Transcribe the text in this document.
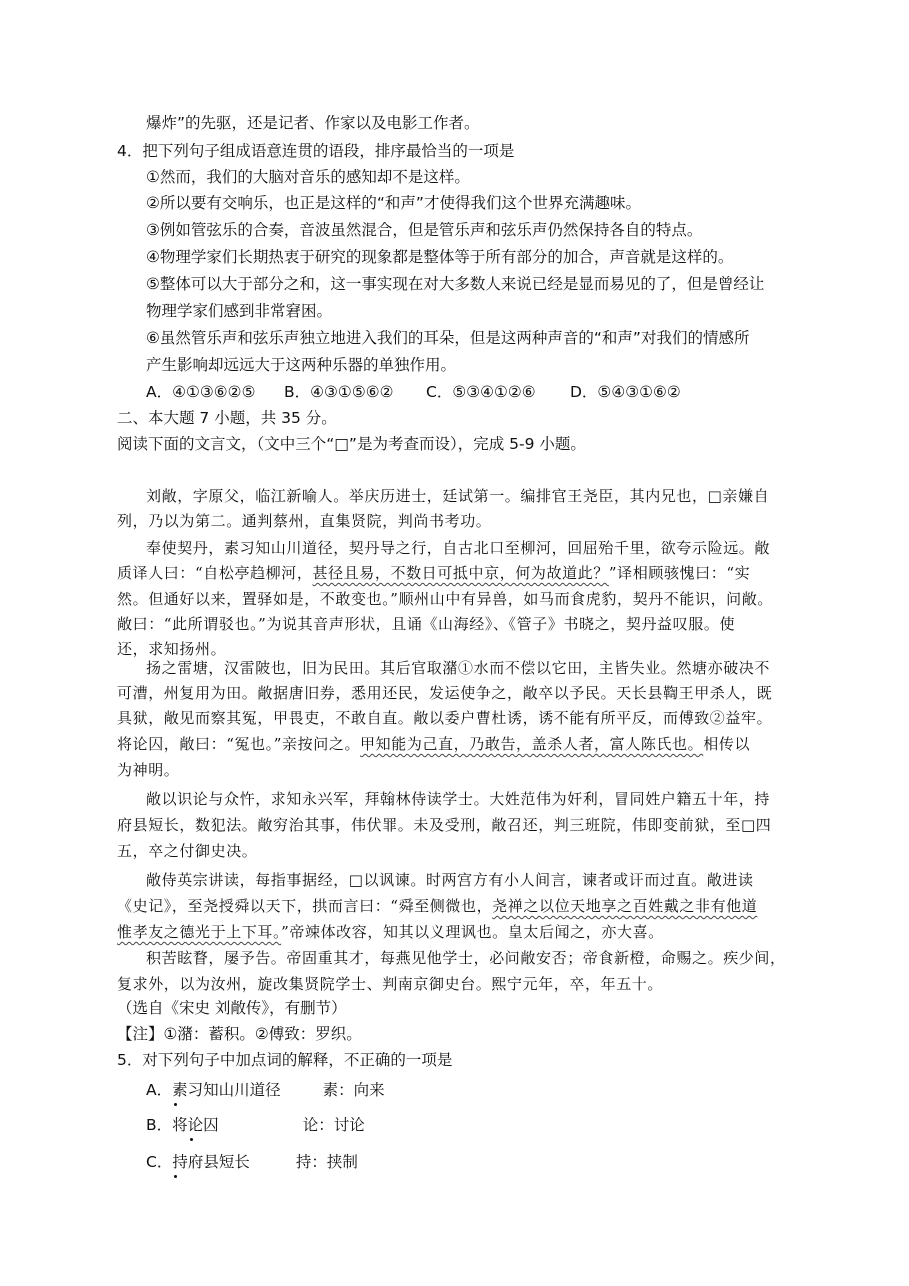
爆炸”的先驱，还是记者、作家以及电影工作者。
4．把下列句子组成语意连贯的语段，排序最恰当的一项是
①然而，我们的大脑对音乐的感知却不是这样。
②所以要有交响乐，也正是这样的“和声”才使得我们这个世界充满趣味。
③例如管弦乐的合奏，音波虽然混合，但是管乐声和弦乐声仍然保持各自的特点。
④物理学家们长期热衷于研究的现象都是整体等于所有部分的加合，声音就是这样的。
⑤整体可以大于部分之和，这一事实现在对大多数人来说已经是显而易见的了，但是曾经让
物理学家们感到非常窘困。
⑥虽然管乐声和弦乐声独立地进入我们的耳朵，但是这两种声音的“和声”对我们的情感所
产生影响却远远大于这两种乐器的单独作用。
A．④①③⑥②⑤ B．④③①⑤⑥② C．⑤③④①②⑥ D．⑤④③①⑥②
二、本大题 7 小题，共 35 分。
阅读下面的文言文，（文中三个“□”是为考查而设），完成 5-9 小题。
刘敞，字原父，临江新喻人。举庆历进士，廷试第一。编排官王尧臣，其内兄也，□亲嫌自
列，乃以为第二。通判蔡州，直集贤院，判尚书考功。
奉使契丹，素习知山川道径，契丹导之行，自古北口至柳河，回屈殆千里，欲夸示险远。敞
质译人曰：“自松亭趋柳河，甚径且易，不数日可抵中京，何为故道此？”译相顾骇愧曰：“实
然。但通好以来，置驿如是，不敢变也。”顺州山中有异兽，如马而食虎豹，契丹不能识，问敞。
敞曰：“此所谓驳也。”为说其音声形状，且诵《山海经》、《管子》书晓之，契丹益叹服。使
还，求知扬州。
扬之雷塘，汉雷陂也，旧为民田。其后官取潴①水而不偿以它田，主皆失业。然塘亦破决不
可漕，州复用为田。敞据唐旧券，悉用还民，发运使争之，敞卒以予民。天长县鞫王甲杀人，既
具狱，敞见而察其冤，甲畏吏，不敢自直。敞以委户曹杜诱，诱不能有所平反，而傅致②益牢。
将论囚，敞曰：“冤也。”亲按问之。甲知能为己直，乃敢告，盖杀人者，富人陈氏也。相传以
为神明。
敞以识论与众忤，求知永兴军，拜翰林侍读学士。大姓范伟为奸利，冒同姓户籍五十年，持
府县短长，数犯法。敞穷治其事，伟伏罪。未及受刑，敞召还，判三班院，伟即变前狱，至□四
五，卒之付御史决。
敞侍英宗讲读，每指事据经，□以讽谏。时两宫方有小人间言，谏者或讦而过直。敞进读
《史记》，至尧授舜以天下，拱而言曰：“舜至侧微也，尧禅之以位天地享之百姓戴之非有他道
惟孝友之德光于上下耳。”帝竦体改容，知其以义理讽也。皇太后闻之，亦大喜。
积苦眩瞀，屡予告。帝固重其才，每燕见他学士，必问敞安否；帝食新橙，命赐之。疾少间，
复求外，以为汝州，旋改集贤院学士、判南京御史台。熙宁元年，卒，年五十。
（选自《宋史 刘敞传》，有删节）
【注】①潴：蓄积。②傅致：罗织。
5．对下列句子中加点词的解释，不正确的一项是
A．素习知山川道径	素：向来
B．将论囚	论：讨论
C．持府县短长	持：挟制
